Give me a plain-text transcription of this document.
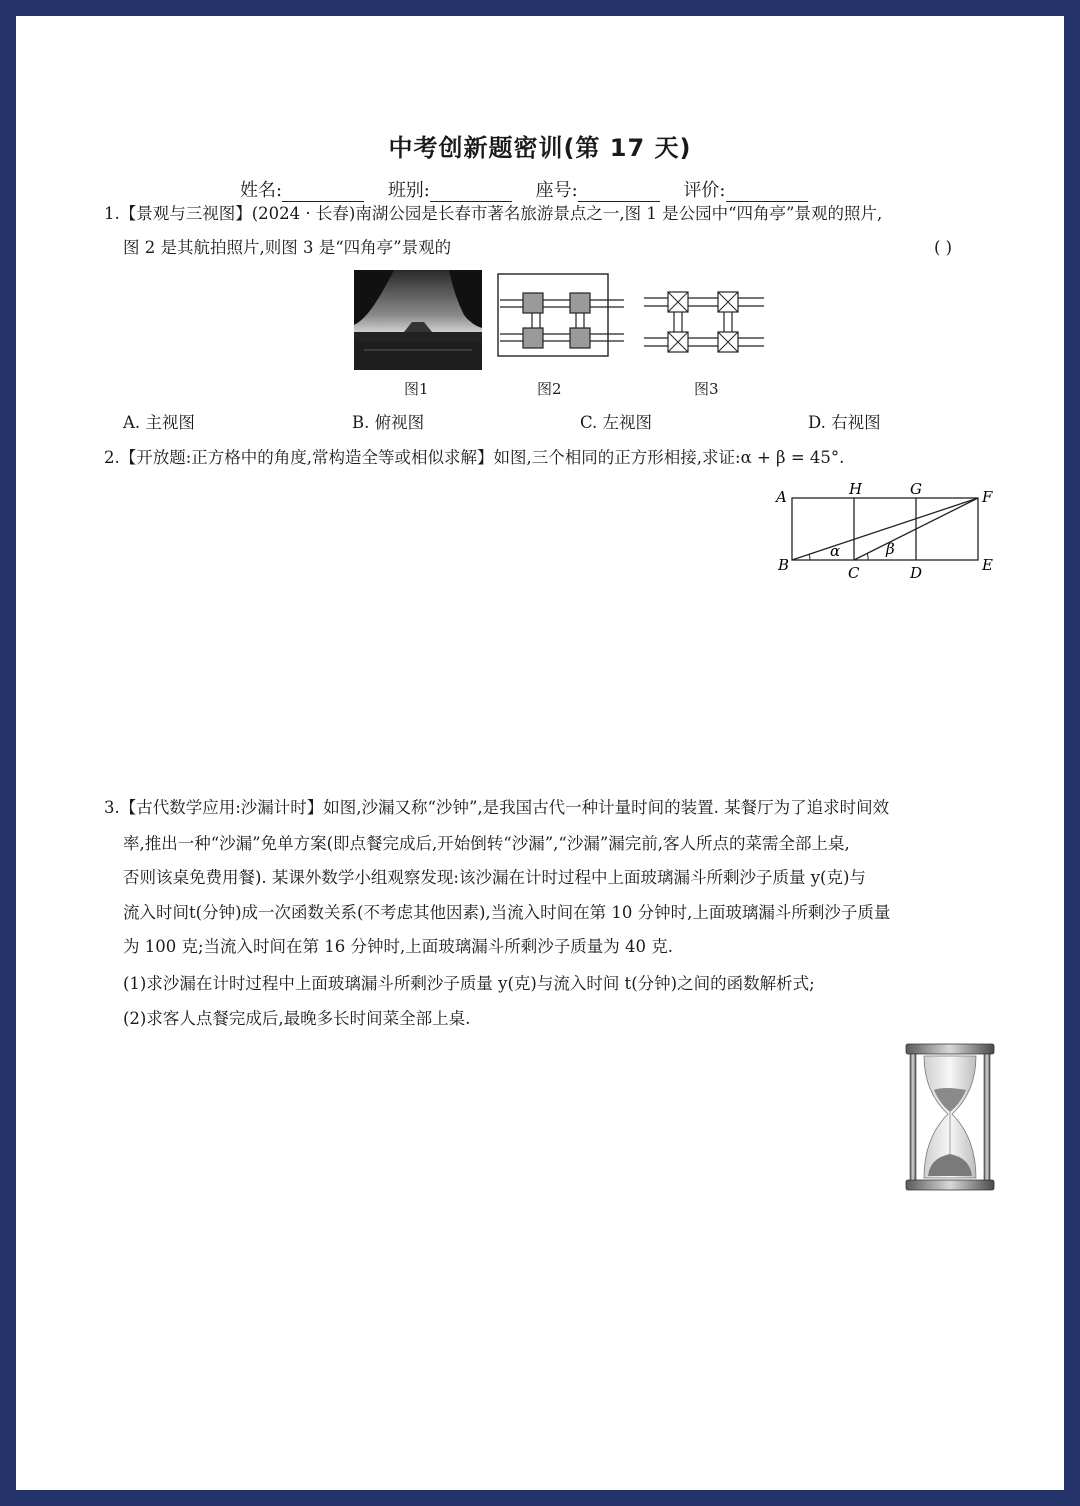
中考创新题密训(第 17 天)
姓名:	班别:	座号:	评价:
1.【景观与三视图】(2024 · 长春)南湖公园是长春市著名旅游景点之一,图 1 是公园中“四角亭”景观的照片,
图 2 是其航拍照片,则图 3 是“四角亭”景观的	( )
图1	图2	图3
A. 主视图	B. 俯视图	C. 左视图	D. 右视图
2.【开放题:正方格中的角度,常构造全等或相似求解】如图,三个相同的正方形相接,求证:α + β = 45°.
A	H	G	F
B	C	D	E
α	β
3.【古代数学应用:沙漏计时】如图,沙漏又称“沙钟”,是我国古代一种计量时间的装置. 某餐厅为了追求时间效
率,推出一种“沙漏”免单方案(即点餐完成后,开始倒转“沙漏”,“沙漏”漏完前,客人所点的菜需全部上桌,
否则该桌免费用餐). 某课外数学小组观察发现:该沙漏在计时过程中上面玻璃漏斗所剩沙子质量 y(克)与
流入时间t(分钟)成一次函数关系(不考虑其他因素),当流入时间在第 10 分钟时,上面玻璃漏斗所剩沙子质量
为 100 克;当流入时间在第 16 分钟时,上面玻璃漏斗所剩沙子质量为 40 克.
(1)求沙漏在计时过程中上面玻璃漏斗所剩沙子质量 y(克)与流入时间 t(分钟)之间的函数解析式;
(2)求客人点餐完成后,最晚多长时间菜全部上桌.
